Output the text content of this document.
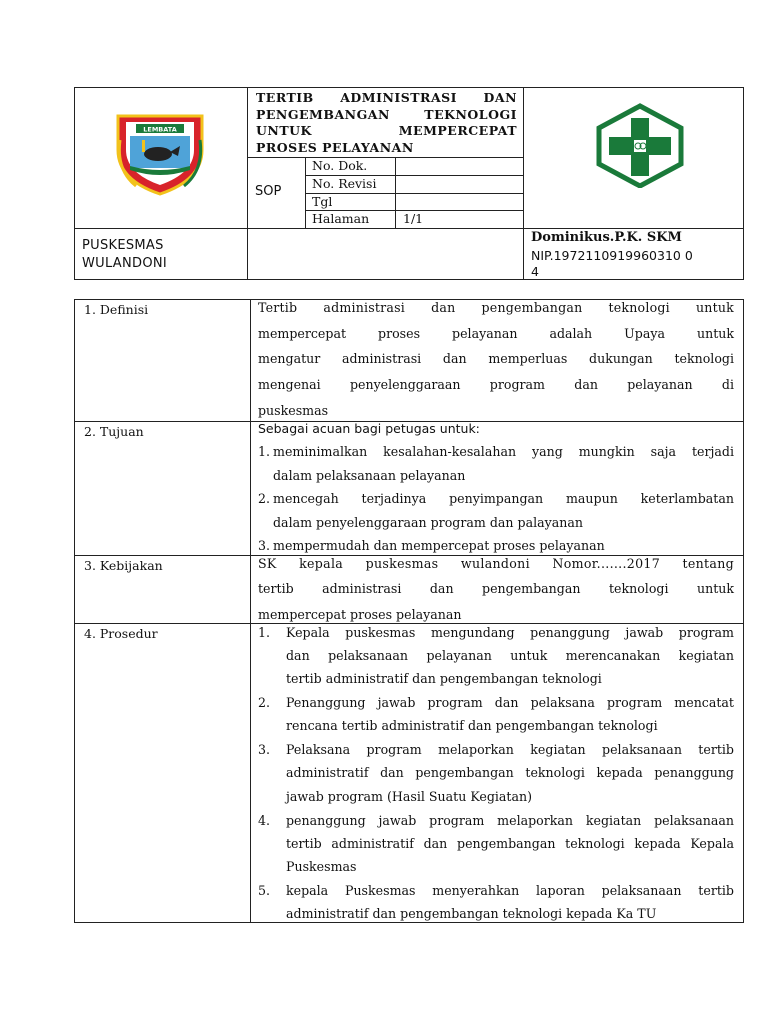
LEMBATA
TERTIB ADMINISTRASI DAN
PENGEMBANGAN TEKNOLOGI
UNTUK MEMPERCEPAT
PROSES PELAYANAN
SOP
No. Dok.
No. Revisi
Tgl
Halaman	1/1
PUSKESMAS
WULANDONI
Dominikus.P.K. SKM
NIP.1972110919960310 0
4
1. Definisi	Tertib administrasi dan pengembangan teknologi untuk
mempercepat proses pelayanan adalah Upaya untuk
mengatur administrasi dan memperluas dukungan teknologi
mengenai penyelenggaraan program dan pelayanan di
puskesmas
2. Tujuan	Sebagai acuan bagi petugas untuk:
1. meminimalkan kesalahan-kesalahan yang mungkin saja terjadi
dalam pelaksanaan pelayanan
2. mencegah terjadinya penyimpangan maupun keterlambatan
dalam penyelenggaraan program dan palayanan
3. mempermudah dan mempercepat proses pelayanan
3. Kebijakan	SK kepala puskesmas wulandoni Nomor.......2017 tentang
tertib administrasi dan pengembangan teknologi untuk
mempercepat proses pelayanan
4. Prosedur	1. Kepala puskesmas mengundang penanggung jawab program
dan pelaksanaan pelayanan untuk merencanakan kegiatan
tertib administratif dan pengembangan teknologi
2. Penanggung jawab program dan pelaksana program mencatat
rencana tertib administratif dan pengembangan teknologi
3. Pelaksana program melaporkan kegiatan pelaksanaan tertib
administratif dan pengembangan teknologi kepada penanggung
jawab program (Hasil Suatu Kegiatan)
4. penanggung jawab program melaporkan kegiatan pelaksanaan
tertib administratif dan pengembangan teknologi kepada Kepala
Puskesmas
5. kepala Puskesmas menyerahkan laporan pelaksanaan tertib
administratif dan pengembangan teknologi kepada Ka TU
